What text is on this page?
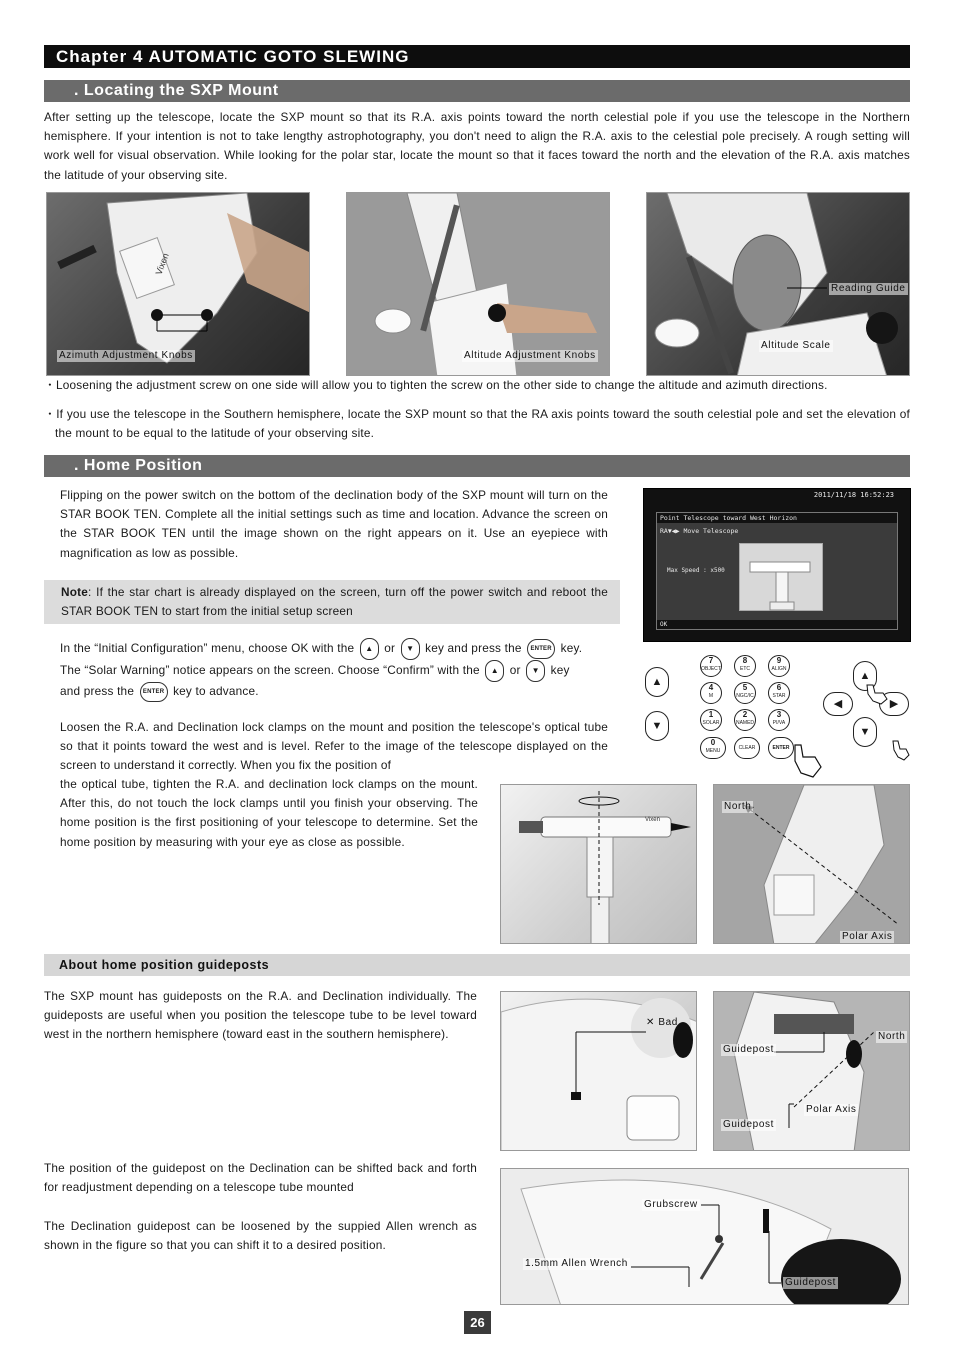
Chapter 4 AUTOMATIC GOTO SLEWING
. Locating the SXP Mount

After setting up the telescope, locate the SXP mount so that its R.A. axis points toward the north celestial pole if you use the telescope in the Northern hemisphere. If your intention is not to take lengthy astrophotography, you don't need to align the R.A. axis to the celestial pole precisely. A rough setting will work well for visual observation. While looking for the polar star, locate the mount so that it faces toward the north and the elevation of the R.A. axis matches the latitude of your observing site.

Vixen
Azimuth Adjustment Knobs	Altitude Adjustment Knobs
Reading Guide
Altitude Scale

・Loosening the adjustment screw on one side will allow you to tighten the screw on the other side to change the altitude and azimuth directions.

・If you use the telescope in the Southern hemisphere, locate the SXP mount so that the RA axis points toward the south celestial pole and set the elevation of the mount to be equal to the latitude of your observing site.

. Home Position

Flipping on the power switch on the bottom of the declination body of the SXP mount will turn on the STAR BOOK TEN. Complete all the initial settings such as time and location. Advance the screen on the STAR BOOK TEN until the image shown on the right appears on it. Use an eyepiece with magnification as low as possible.

Note: If the star chart is already displayed on the screen, turn off the power switch and reboot the STAR BOOK TEN to start from the initial setup screen

In the “Initial Configuration” menu, choose OK with the ▲ or ▼ key and press the ENTER key.
The “Solar Warning” notice appears on the screen. Choose “Confirm” with the ▲ or ▼ key
and press the ENTER key to advance.

Loosen the R.A. and Declination lock clamps on the mount and position the telescope's optical tube so that it points toward the west and is level. Refer to the image of the telescope displayed on the screen to understand it correctly. When you fix the position of

the optical tube, tighten the R.A. and declination lock clamps on the mount. After this, do not touch the lock clamps until you finish your observing. The home position is the first positioning of your telescope to determine. Set the home position by measuring with your eye as close as possible.

2011/11/18 16:52:23
Point Telescope toward West Horizon
RA▼◀▶ Move Telescope
Max Speed : x500
OK
▲
▼
7
OBJECT
8
ETC
9
ALIGN
4
M
5
NGC/IC
6
STAR
1
SOLAR
2
NAMED
3
PI/VA
0
MENU	CLEAR	ENTER
▲
▼
◀	▶
Vixen
North
Polar Axis
About home position guideposts

The SXP mount has guideposts on the R.A. and Declination individually. The guideposts are useful when you position the telescope tube to be level toward west in the northern hemisphere (toward east in the southern hemisphere).

✕ Bad
Guidepost
North
Polar Axis
Guidepost

The position of the guidepost on the Declination can be shifted back and forth for readjustment depending on a telescope tube mounted

The Declination guidepost can be loosened by the suppied Allen wrench as shown in the figure so that you can shift it to a desired position.

Grubscrew
1.5mm Allen Wrench
Guidepost
26
